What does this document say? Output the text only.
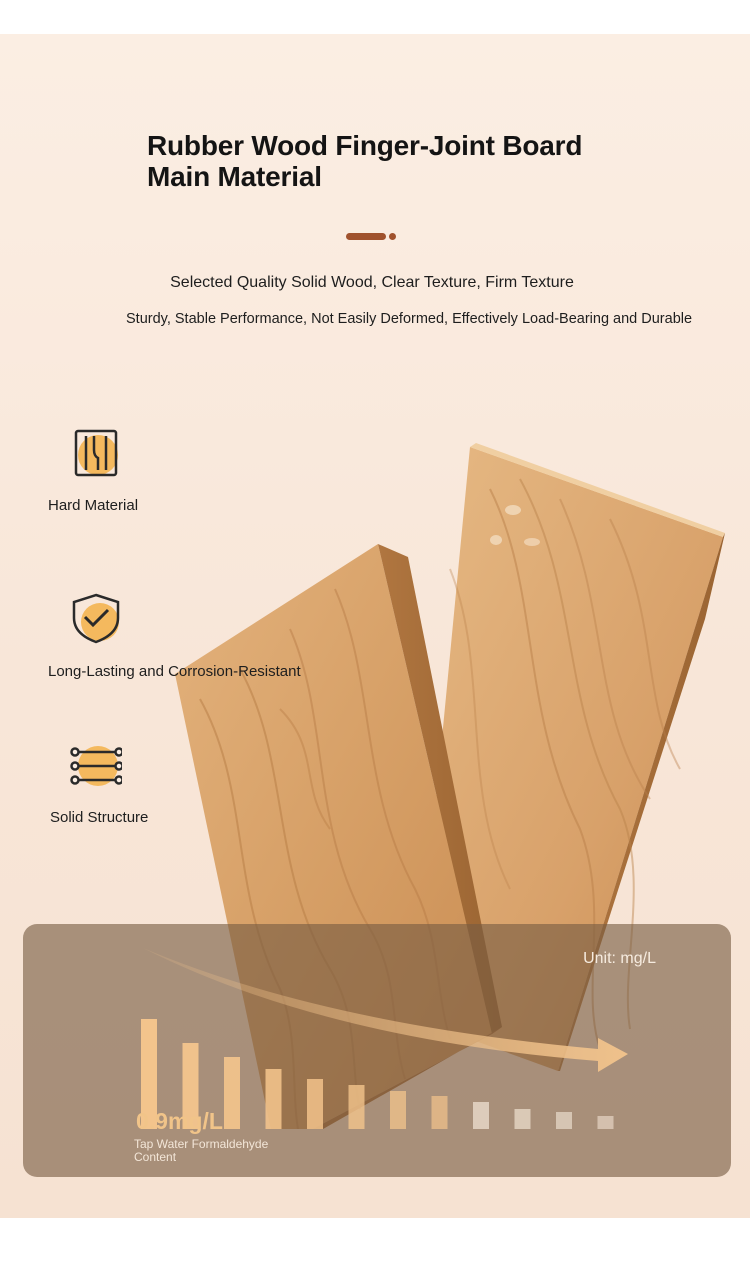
Rubber Wood Finger-Joint Board
Main Material
Selected Quality Solid Wood, Clear Texture, Firm Texture
Sturdy, Stable Performance, Not Easily Deformed, Effectively Load-Bearing and Durable
Hard Material
Long-Lasting and Corrosion-Resistant
Solid Structure
Unit: mg/L
0.9mg/L
Tap Water Formaldehyde Content
